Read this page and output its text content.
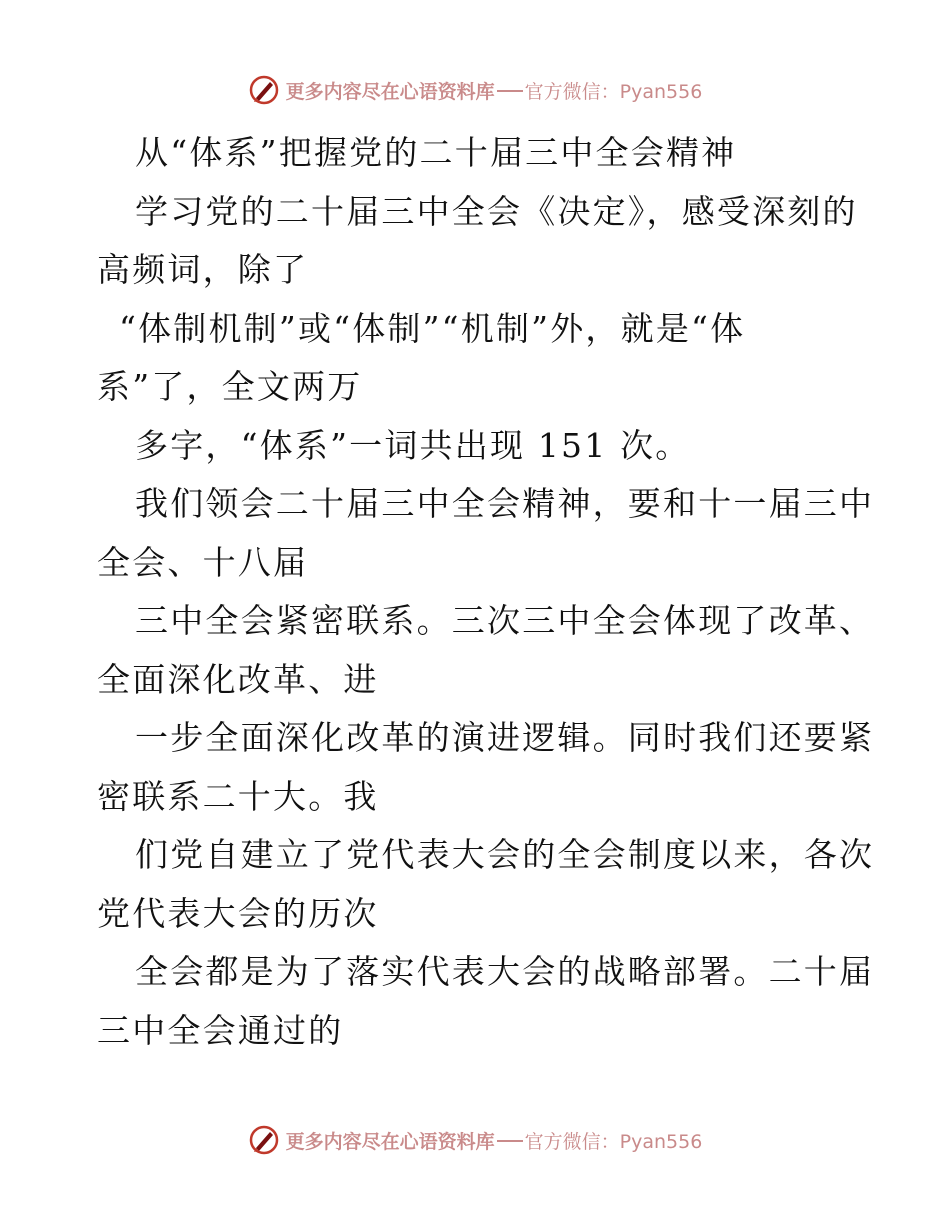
更多内容尽在心语资料库 官方微信：Pyan556
从“体系”把握党的二十届三中全会精神
学习党的二十届三中全会《决定》，感受深刻的
高频词，除了
“体制机制”或“体制”“机制”外，就是“体
系”了，全文两万
多字，“体系”一词共出现 151 次。
我们领会二十届三中全会精神，要和十一届三中
全会、十八届
三中全会紧密联系。三次三中全会体现了改革、
全面深化改革、进
一步全面深化改革的演进逻辑。同时我们还要紧
密联系二十大。我
们党自建立了党代表大会的全会制度以来，各次
党代表大会的历次
全会都是为了落实代表大会的战略部署。二十届
三中全会通过的
更多内容尽在心语资料库 官方微信：Pyan556
